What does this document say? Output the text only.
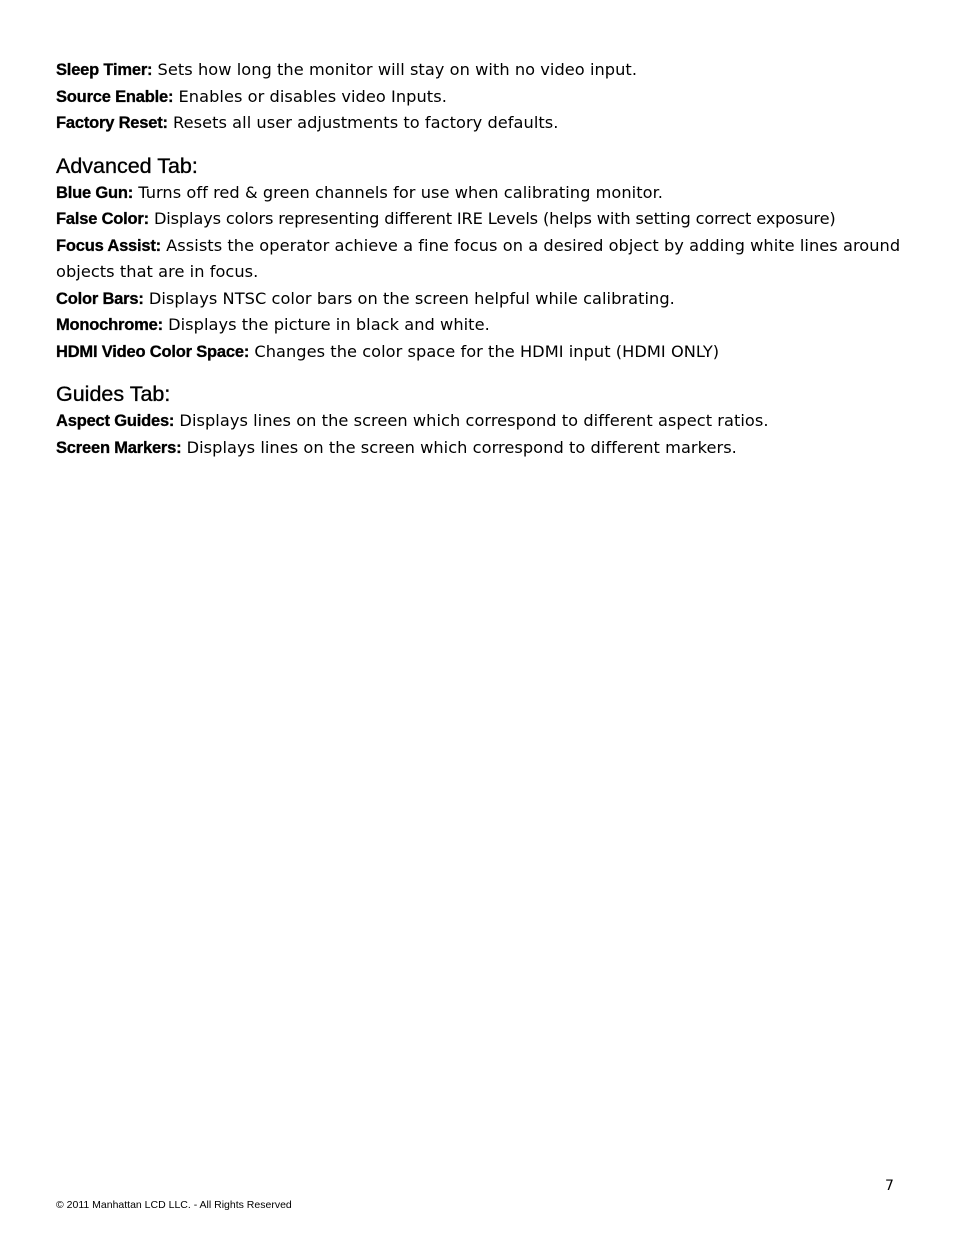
Sleep Timer: Sets how long the monitor will stay on with no video input.

Source Enable: Enables or disables video Inputs.

Factory Reset: Resets all user adjustments to factory defaults.

Advanced Tab:

Blue Gun: Turns off red & green channels for use when calibrating monitor.

False Color: Displays colors representing different IRE Levels (helps with setting correct exposure)

Focus Assist: Assists the operator achieve a fine focus on a desired object by adding white lines around objects that are in focus.

Color Bars: Displays NTSC color bars on the screen helpful while calibrating.

Monochrome: Displays the picture in black and white.

HDMI Video Color Space: Changes the color space for the HDMI input (HDMI ONLY)

Guides Tab:

Aspect Guides: Displays lines on the screen which correspond to different aspect ratios.

Screen Markers: Displays lines on the screen which correspond to different markers.

7
© 2011 Manhattan LCD LLC. - All Rights Reserved
